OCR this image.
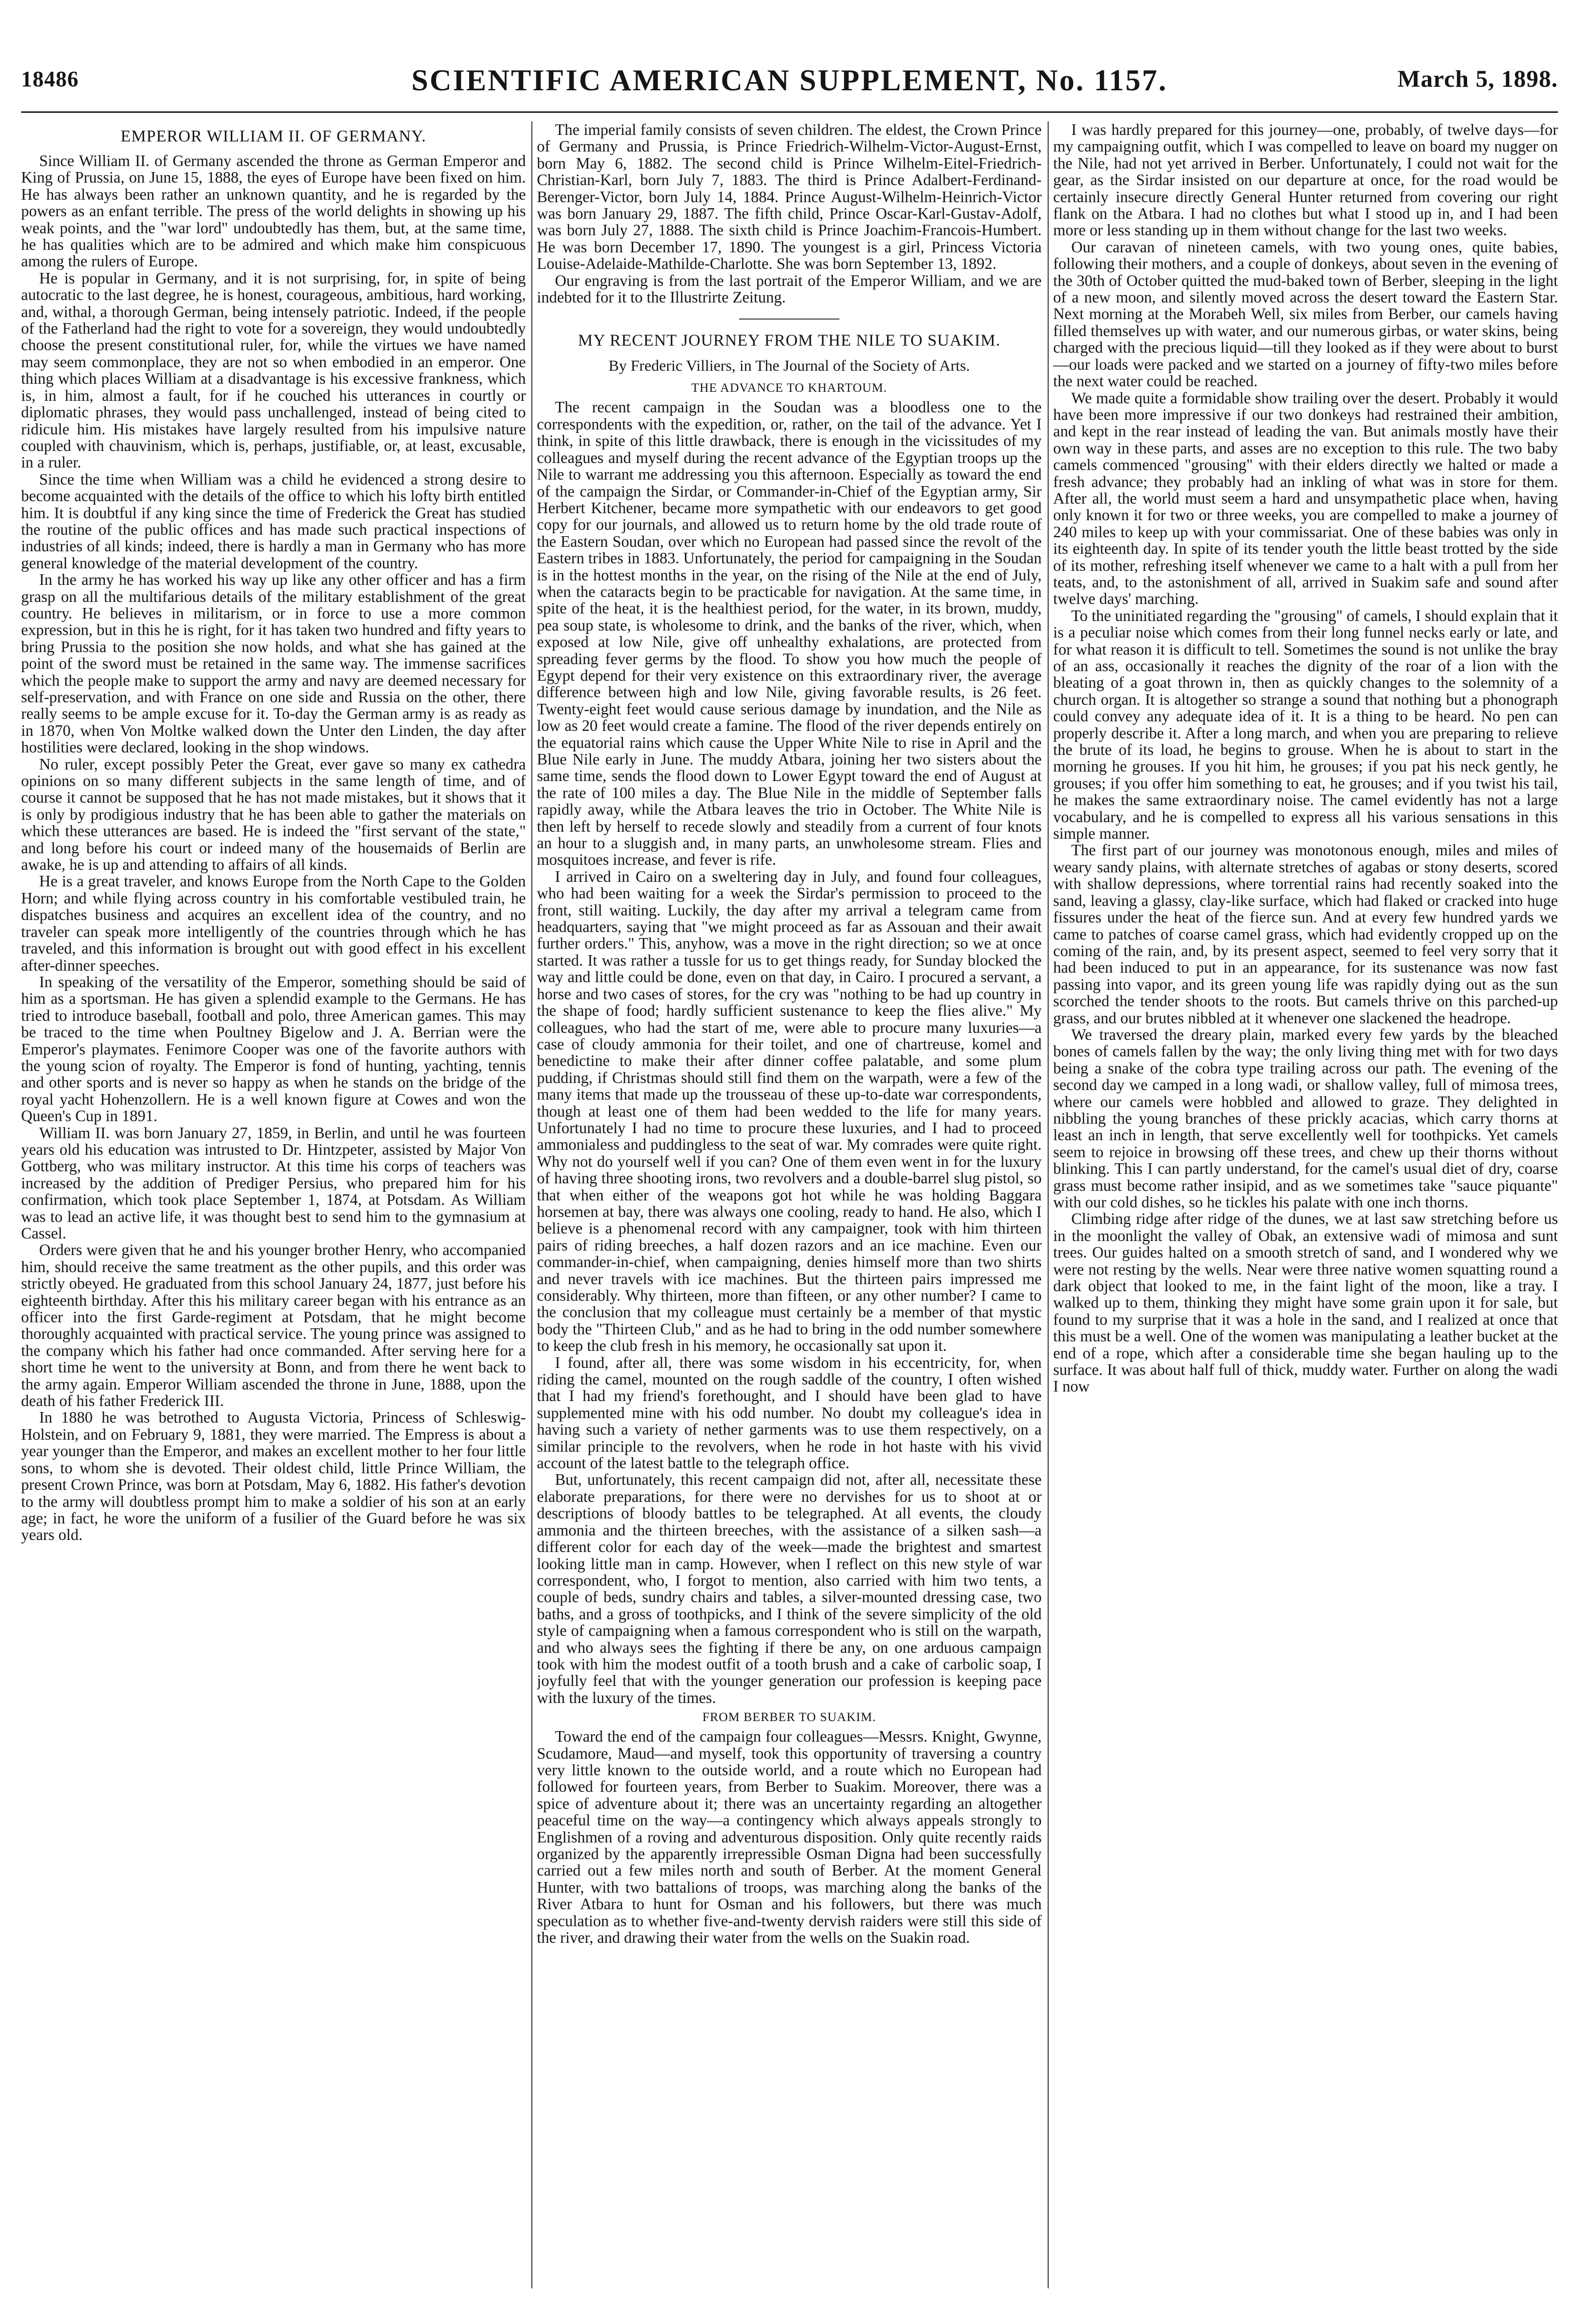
18486	SCIENTIFIC AMERICAN SUPPLEMENT, No. 1157.	March 5, 1898.
EMPEROR WILLIAM II. OF GERMANY.

Since William II. of Germany ascended the throne as German Emperor and King of Prussia, on June 15, 1888, the eyes of Europe have been fixed on him. He has always been rather an unknown quantity, and he is regarded by the powers as an enfant terrible. The press of the world delights in showing up his weak points, and the "war lord" undoubtedly has them, but, at the same time, he has qualities which are to be admired and which make him conspicuous among the rulers of Europe.

He is popular in Germany, and it is not surprising, for, in spite of being autocratic to the last degree, he is honest, courageous, ambitious, hard working, and, withal, a thorough German, being intensely patriotic. Indeed, if the people of the Fatherland had the right to vote for a sovereign, they would undoubtedly choose the present constitutional ruler, for, while the virtues we have named may seem commonplace, they are not so when embodied in an emperor. One thing which places William at a disadvantage is his excessive frankness, which is, in him, almost a fault, for if he couched his utterances in courtly or diplomatic phrases, they would pass unchallenged, instead of being cited to ridicule him. His mistakes have largely resulted from his impulsive nature coupled with chauvinism, which is, perhaps, justifiable, or, at least, excusable, in a ruler.

Since the time when William was a child he evidenced a strong desire to become acquainted with the details of the office to which his lofty birth entitled him. It is doubtful if any king since the time of Frederick the Great has studied the routine of the public offices and has made such practical inspections of industries of all kinds; indeed, there is hardly a man in Germany who has more general knowledge of the material development of the country.

In the army he has worked his way up like any other officer and has a firm grasp on all the multifarious details of the military establishment of the great country. He believes in militarism, or in force to use a more common expression, but in this he is right, for it has taken two hundred and fifty years to bring Prussia to the position she now holds, and what she has gained at the point of the sword must be retained in the same way. The immense sacrifices which the people make to support the army and navy are deemed necessary for self-preservation, and with France on one side and Russia on the other, there really seems to be ample excuse for it. To-day the German army is as ready as in 1870, when Von Moltke walked down the Unter den Linden, the day after hostilities were declared, looking in the shop windows.

No ruler, except possibly Peter the Great, ever gave so many ex cathedra opinions on so many different subjects in the same length of time, and of course it cannot be supposed that he has not made mistakes, but it shows that it is only by prodigious industry that he has been able to gather the materials on which these utterances are based. He is indeed the "first servant of the state," and long before his court or indeed many of the housemaids of Berlin are awake, he is up and attending to affairs of all kinds.

He is a great traveler, and knows Europe from the North Cape to the Golden Horn; and while flying across country in his comfortable vestibuled train, he dispatches business and acquires an excellent idea of the country, and no traveler can speak more intelligently of the countries through which he has traveled, and this information is brought out with good effect in his excellent after-dinner speeches.

In speaking of the versatility of the Emperor, something should be said of him as a sportsman. He has given a splendid example to the Germans. He has tried to introduce baseball, football and polo, three American games. This may be traced to the time when Poultney Bigelow and J. A. Berrian were the Emperor's playmates. Fenimore Cooper was one of the favorite authors with the young scion of royalty. The Emperor is fond of hunting, yachting, tennis and other sports and is never so happy as when he stands on the bridge of the royal yacht Hohenzollern. He is a well known figure at Cowes and won the Queen's Cup in 1891.

William II. was born January 27, 1859, in Berlin, and until he was fourteen years old his education was intrusted to Dr. Hintzpeter, assisted by Major Von Gottberg, who was military instructor. At this time his corps of teachers was increased by the addition of Prediger Persius, who prepared him for his confirmation, which took place September 1, 1874, at Potsdam. As William was to lead an active life, it was thought best to send him to the gymnasium at Cassel.

Orders were given that he and his younger brother Henry, who accompanied him, should receive the same treatment as the other pupils, and this order was strictly obeyed. He graduated from this school January 24, 1877, just before his eighteenth birthday. After this his military career began with his entrance as an officer into the first Garde-regiment at Potsdam, that he might become thoroughly acquainted with practical service. The young prince was assigned to the company which his father had once commanded. After serving here for a short time he went to the university at Bonn, and from there he went back to the army again. Emperor William ascended the throne in June, 1888, upon the death of his father Frederick III.

In 1880 he was betrothed to Augusta Victoria, Princess of Schleswig-Holstein, and on February 9, 1881, they were married. The Empress is about a year younger than the Emperor, and makes an excellent mother to her four little sons, to whom she is devoted. Their oldest child, little Prince William, the present Crown Prince, was born at Potsdam, May 6, 1882. His father's devotion to the army will doubtless prompt him to make a soldier of his son at an early age; in fact, he wore the uniform of a fusilier of the Guard before he was six years old.

The imperial family consists of seven children. The eldest, the Crown Prince of Germany and Prussia, is Prince Friedrich-Wilhelm-Victor-August-Ernst, born May 6, 1882. The second child is Prince Wilhelm-Eitel-Friedrich-Christian-Karl, born July 7, 1883. The third is Prince Adalbert-Ferdinand-Berenger-Victor, born July 14, 1884. Prince August-Wilhelm-Heinrich-Victor was born January 29, 1887. The fifth child, Prince Oscar-Karl-Gustav-Adolf, was born July 27, 1888. The sixth child is Prince Joachim-Francois-Humbert. He was born December 17, 1890. The youngest is a girl, Princess Victoria Louise-Adelaide-Mathilde-Charlotte. She was born September 13, 1892.

Our engraving is from the last portrait of the Emperor William, and we are indebted for it to the Illustrirte Zeitung.

MY RECENT JOURNEY FROM THE NILE TO SUAKIM.
By Frederic Villiers, in The Journal of the Society of Arts.
THE ADVANCE TO KHARTOUM.

The recent campaign in the Soudan was a bloodless one to the correspondents with the expedition, or, rather, on the tail of the advance. Yet I think, in spite of this little drawback, there is enough in the vicissitudes of my colleagues and myself during the recent advance of the Egyptian troops up the Nile to warrant me addressing you this afternoon. Especially as toward the end of the campaign the Sirdar, or Commander-in-Chief of the Egyptian army, Sir Herbert Kitchener, became more sympathetic with our endeavors to get good copy for our journals, and allowed us to return home by the old trade route of the Eastern Soudan, over which no European had passed since the revolt of the Eastern tribes in 1883. Unfortunately, the period for campaigning in the Soudan is in the hottest months in the year, on the rising of the Nile at the end of July, when the cataracts begin to be practicable for navigation. At the same time, in spite of the heat, it is the healthiest period, for the water, in its brown, muddy, pea soup state, is wholesome to drink, and the banks of the river, which, when exposed at low Nile, give off unhealthy exhalations, are protected from spreading fever germs by the flood. To show you how much the people of Egypt depend for their very existence on this extraordinary river, the average difference between high and low Nile, giving favorable results, is 26 feet. Twenty-eight feet would cause serious damage by inundation, and the Nile as low as 20 feet would create a famine. The flood of the river depends entirely on the equatorial rains which cause the Upper White Nile to rise in April and the Blue Nile early in June. The muddy Atbara, joining her two sisters about the same time, sends the flood down to Lower Egypt toward the end of August at the rate of 100 miles a day. The Blue Nile in the middle of September falls rapidly away, while the Atbara leaves the trio in October. The White Nile is then left by herself to recede slowly and steadily from a current of four knots an hour to a sluggish and, in many parts, an unwholesome stream. Flies and mosquitoes increase, and fever is rife.

I arrived in Cairo on a sweltering day in July, and found four colleagues, who had been waiting for a week the Sirdar's permission to proceed to the front, still waiting. Luckily, the day after my arrival a telegram came from headquarters, saying that "we might proceed as far as Assouan and their await further orders." This, anyhow, was a move in the right direction; so we at once started. It was rather a tussle for us to get things ready, for Sunday blocked the way and little could be done, even on that day, in Cairo. I procured a servant, a horse and two cases of stores, for the cry was "nothing to be had up country in the shape of food; hardly sufficient sustenance to keep the flies alive." My colleagues, who had the start of me, were able to procure many luxuries—a case of cloudy ammonia for their toilet, and one of chartreuse, komel and benedictine to make their after dinner coffee palatable, and some plum pudding, if Christmas should still find them on the warpath, were a few of the many items that made up the trousseau of these up-to-date war correspondents, though at least one of them had been wedded to the life for many years. Unfortunately I had no time to procure these luxuries, and I had to proceed ammonialess and puddingless to the seat of war. My comrades were quite right. Why not do yourself well if you can? One of them even went in for the luxury of having three shooting irons, two revolvers and a double-barrel slug pistol, so that when either of the weapons got hot while he was holding Baggara horsemen at bay, there was always one cooling, ready to hand. He also, which I believe is a phenomenal record with any campaigner, took with him thirteen pairs of riding breeches, a half dozen razors and an ice machine. Even our commander-in-chief, when campaigning, denies himself more than two shirts and never travels with ice machines. But the thirteen pairs impressed me considerably. Why thirteen, more than fifteen, or any other number? I came to the conclusion that my colleague must certainly be a member of that mystic body the "Thirteen Club," and as he had to bring in the odd number somewhere to keep the club fresh in his memory, he occasionally sat upon it.

I found, after all, there was some wisdom in his eccentricity, for, when riding the camel, mounted on the rough saddle of the country, I often wished that I had my friend's forethought, and I should have been glad to have supplemented mine with his odd number. No doubt my colleague's idea in having such a variety of nether garments was to use them respectively, on a similar principle to the revolvers, when he rode in hot haste with his vivid account of the latest battle to the telegraph office.

But, unfortunately, this recent campaign did not, after all, necessitate these elaborate preparations, for there were no dervishes for us to shoot at or descriptions of bloody battles to be telegraphed. At all events, the cloudy ammonia and the thirteen breeches, with the assistance of a silken sash—a different color for each day of the week—made the brightest and smartest looking little man in camp. However, when I reflect on this new style of war correspondent, who, I forgot to mention, also carried with him two tents, a couple of beds, sundry chairs and tables, a silver-mounted dressing case, two baths, and a gross of toothpicks, and I think of the severe simplicity of the old style of campaigning when a famous correspondent who is still on the warpath, and who always sees the fighting if there be any, on one arduous campaign took with him the modest outfit of a tooth brush and a cake of carbolic soap, I joyfully feel that with the younger generation our profession is keeping pace with the luxury of the times.

FROM BERBER TO SUAKIM.

Toward the end of the campaign four colleagues—Messrs. Knight, Gwynne, Scudamore, Maud—and myself, took this opportunity of traversing a country very little known to the outside world, and a route which no European had followed for fourteen years, from Berber to Suakim. Moreover, there was a spice of adventure about it; there was an uncertainty regarding an altogether peaceful time on the way—a contingency which always appeals strongly to Englishmen of a roving and adventurous disposition. Only quite recently raids organized by the apparently irrepressible Osman Digna had been successfully carried out a few miles north and south of Berber. At the moment General Hunter, with two battalions of troops, was marching along the banks of the River Atbara to hunt for Osman and his followers, but there was much speculation as to whether five-and-twenty dervish raiders were still this side of the river, and drawing their water from the wells on the Suakin road.

I was hardly prepared for this journey—one, probably, of twelve days—for my campaigning outfit, which I was compelled to leave on board my nugger on the Nile, had not yet arrived in Berber. Unfortunately, I could not wait for the gear, as the Sirdar insisted on our departure at once, for the road would be certainly insecure directly General Hunter returned from covering our right flank on the Atbara. I had no clothes but what I stood up in, and I had been more or less standing up in them without change for the last two weeks.

Our caravan of nineteen camels, with two young ones, quite babies, following their mothers, and a couple of donkeys, about seven in the evening of the 30th of October quitted the mud-baked town of Berber, sleeping in the light of a new moon, and silently moved across the desert toward the Eastern Star. Next morning at the Morabeh Well, six miles from Berber, our camels having filled themselves up with water, and our numerous girbas, or water skins, being charged with the precious liquid—till they looked as if they were about to burst—our loads were packed and we started on a journey of fifty-two miles before the next water could be reached.

We made quite a formidable show trailing over the desert. Probably it would have been more impressive if our two donkeys had restrained their ambition, and kept in the rear instead of leading the van. But animals mostly have their own way in these parts, and asses are no exception to this rule. The two baby camels commenced "grousing" with their elders directly we halted or made a fresh advance; they probably had an inkling of what was in store for them. After all, the world must seem a hard and unsympathetic place when, having only known it for two or three weeks, you are compelled to make a journey of 240 miles to keep up with your commissariat. One of these babies was only in its eighteenth day. In spite of its tender youth the little beast trotted by the side of its mother, refreshing itself whenever we came to a halt with a pull from her teats, and, to the astonishment of all, arrived in Suakim safe and sound after twelve days' marching.

To the uninitiated regarding the "grousing" of camels, I should explain that it is a peculiar noise which comes from their long funnel necks early or late, and for what reason it is difficult to tell. Sometimes the sound is not unlike the bray of an ass, occasionally it reaches the dignity of the roar of a lion with the bleating of a goat thrown in, then as quickly changes to the solemnity of a church organ. It is altogether so strange a sound that nothing but a phonograph could convey any adequate idea of it. It is a thing to be heard. No pen can properly describe it. After a long march, and when you are preparing to relieve the brute of its load, he begins to grouse. When he is about to start in the morning he grouses. If you hit him, he grouses; if you pat his neck gently, he grouses; if you offer him something to eat, he grouses; and if you twist his tail, he makes the same extraordinary noise. The camel evidently has not a large vocabulary, and he is compelled to express all his various sensations in this simple manner.

The first part of our journey was monotonous enough, miles and miles of weary sandy plains, with alternate stretches of agabas or stony deserts, scored with shallow depressions, where torrential rains had recently soaked into the sand, leaving a glassy, clay-like surface, which had flaked or cracked into huge fissures under the heat of the fierce sun. And at every few hundred yards we came to patches of coarse camel grass, which had evidently cropped up on the coming of the rain, and, by its present aspect, seemed to feel very sorry that it had been induced to put in an appearance, for its sustenance was now fast passing into vapor, and its green young life was rapidly dying out as the sun scorched the tender shoots to the roots. But camels thrive on this parched-up grass, and our brutes nibbled at it whenever one slackened the headrope.

We traversed the dreary plain, marked every few yards by the bleached bones of camels fallen by the way; the only living thing met with for two days being a snake of the cobra type trailing across our path. The evening of the second day we camped in a long wadi, or shallow valley, full of mimosa trees, where our camels were hobbled and allowed to graze. They delighted in nibbling the young branches of these prickly acacias, which carry thorns at least an inch in length, that serve excellently well for toothpicks. Yet camels seem to rejoice in browsing off these trees, and chew up their thorns without blinking. This I can partly understand, for the camel's usual diet of dry, coarse grass must become rather insipid, and as we sometimes take "sauce piquante" with our cold dishes, so he tickles his palate with one inch thorns.

Climbing ridge after ridge of the dunes, we at last saw stretching before us in the moonlight the valley of Obak, an extensive wadi of mimosa and sunt trees. Our guides halted on a smooth stretch of sand, and I wondered why we were not resting by the wells. Near were three native women squatting round a dark object that looked to me, in the faint light of the moon, like a tray. I walked up to them, thinking they might have some grain upon it for sale, but found to my surprise that it was a hole in the sand, and I realized at once that this must be a well. One of the women was manipulating a leather bucket at the end of a rope, which after a considerable time she began hauling up to the surface. It was about half full of thick, muddy water. Further on along the wadi I now
